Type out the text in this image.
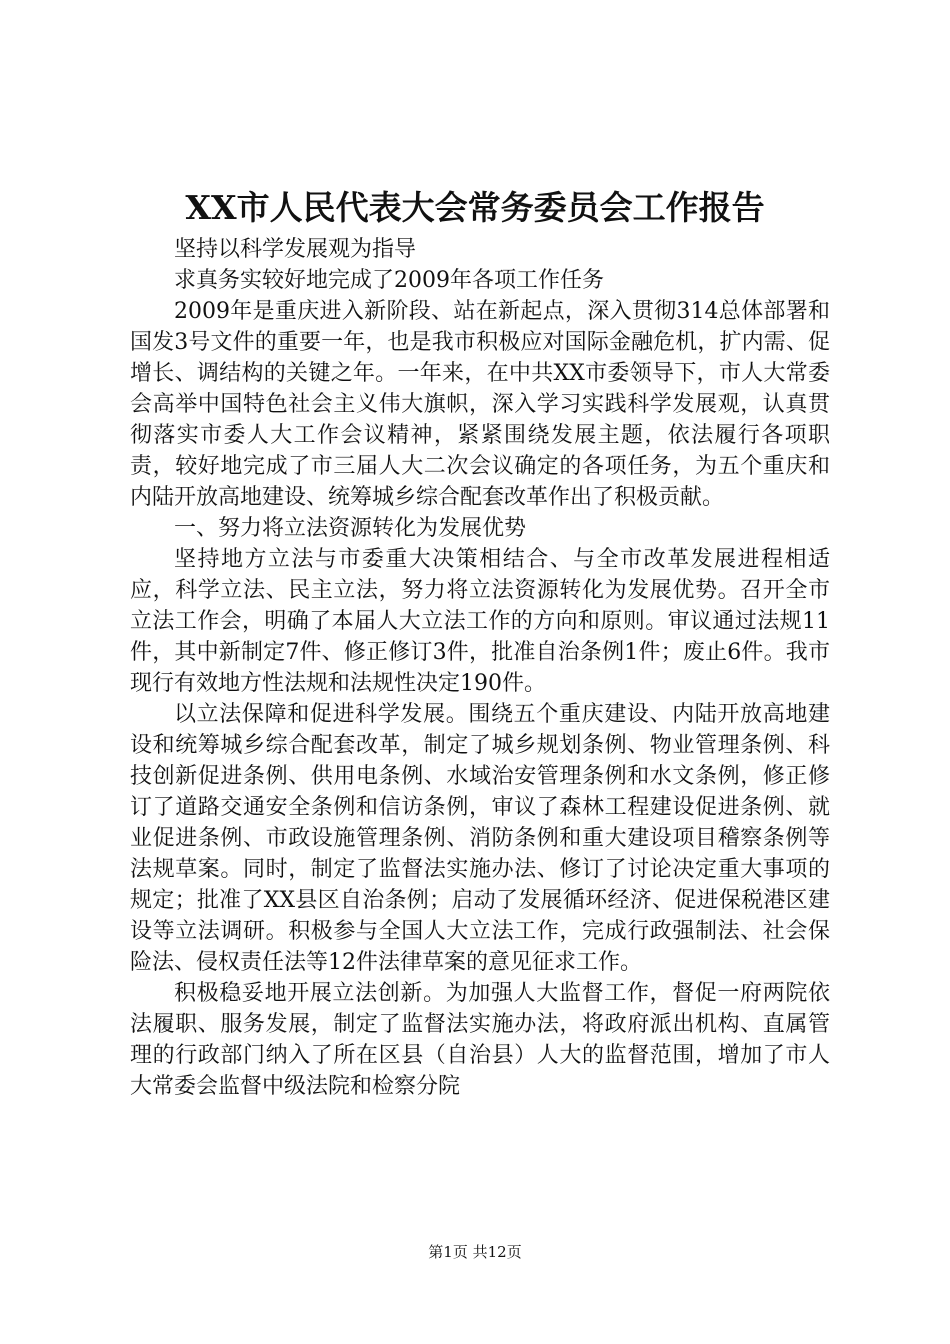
XX市人民代表大会常务委员会工作报告

坚持以科学发展观为指导

求真务实较好地完成了2009年各项工作任务

2009年是重庆进入新阶段、站在新起点，深入贯彻314总体部署和国发3号文件的重要一年，也是我市积极应对国际金融危机，扩内需、促增长、调结构的关键之年。一年来，在中共XX市委领导下，市人大常委会高举中国特色社会主义伟大旗帜，深入学习实践科学发展观，认真贯彻落实市委人大工作会议精神，紧紧围绕发展主题，依法履行各项职责，较好地完成了市三届人大二次会议确定的各项任务，为五个重庆和内陆开放高地建设、统筹城乡综合配套改革作出了积极贡献。

一、努力将立法资源转化为发展优势

坚持地方立法与市委重大决策相结合、与全市改革发展进程相适应，科学立法、民主立法，努力将立法资源转化为发展优势。召开全市立法工作会，明确了本届人大立法工作的方向和原则。审议通过法规11件，其中新制定7件、修正修订3件，批准自治条例1件；废止6件。我市现行有效地方性法规和法规性决定190件。

以立法保障和促进科学发展。围绕五个重庆建设、内陆开放高地建设和统筹城乡综合配套改革，制定了城乡规划条例、物业管理条例、科技创新促进条例、供用电条例、水域治安管理条例和水文条例，修正修订了道路交通安全条例和信访条例，审议了森林工程建设促进条例、就业促进条例、市政设施管理条例、消防条例和重大建设项目稽察条例等法规草案。同时，制定了监督法实施办法、修订了讨论决定重大事项的规定；批准了XX县区自治条例；启动了发展循环经济、促进保税港区建设等立法调研。积极参与全国人大立法工作，完成行政强制法、社会保险法、侵权责任法等12件法律草案的意见征求工作。

积极稳妥地开展立法创新。为加强人大监督工作，督促一府两院依法履职、服务发展，制定了监督法实施办法，将政府派出机构、直属管理的行政部门纳入了所在区县（自治县）人大的监督范围，增加了市人大常委会监督中级法院和检察分院

第1页 共12页
